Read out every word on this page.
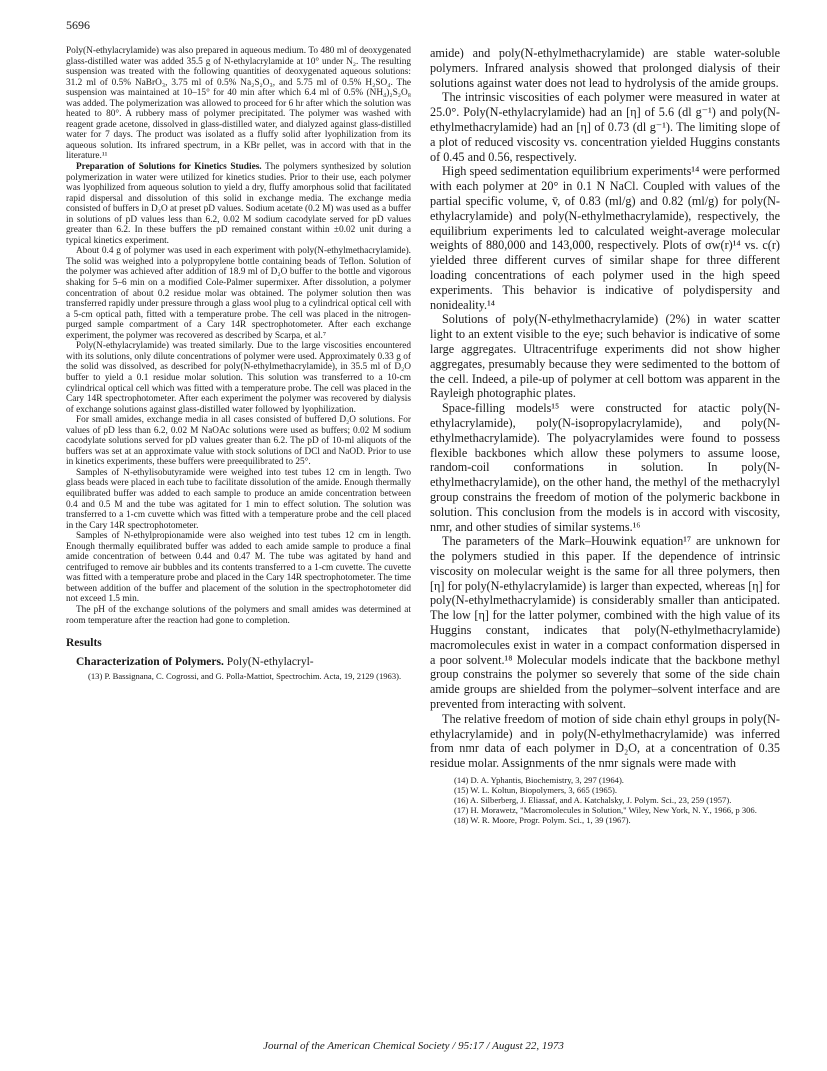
5696

Poly(N-ethylacrylamide) was also prepared in aqueous medium. To 480 ml of deoxygenated glass-distilled water was added 35.5 g of N-ethylacrylamide at 10° under N₂. The resulting suspension was treated with the following quantities of deoxygenated aqueous solutions: 31.2 ml of 0.5% NaBrO₃, 3.75 ml of 0.5% Na₂S₂O₃, and 5.75 ml of 0.5% H₂SO₄. The suspension was maintained at 10–15° for 40 min after which 6.4 ml of 0.5% (NH₄)₂S₂O₈ was added. The polymerization was allowed to proceed for 6 hr after which the solution was heated to 80°. A rubbery mass of polymer precipitated. The polymer was washed with reagent grade acetone, dissolved in glass-distilled water, and dialyzed against glass-distilled water for 7 days. The product was isolated as a fluffy solid after lyophilization from its aqueous solution. Its infrared spectrum, in a KBr pellet, was in accord with that in the literature.¹¹

Preparation of Solutions for Kinetics Studies. The polymers synthesized by solution polymerization in water were utilized for kinetics studies. Prior to their use, each polymer was lyophilized from aqueous solution to yield a dry, fluffy amorphous solid that facilitated rapid dispersal and dissolution of this solid in exchange media. The exchange media consisted of buffers in D₂O at preset pD values. Sodium acetate (0.2 M) was used as a buffer in solutions of pD values less than 6.2, 0.02 M sodium cacodylate served for pD values greater than 6.2. In these buffers the pD remained constant within ±0.02 unit during a typical kinetics experiment.

About 0.4 g of polymer was used in each experiment with poly(N-ethylmethacrylamide). The solid was weighed into a polypropylene bottle containing beads of Teflon. Solution of the polymer was achieved after addition of 18.9 ml of D₂O buffer to the bottle and vigorous shaking for 5–6 min on a modified Cole-Palmer supermixer. After dissolution, a polymer concentration of about 0.2 residue molar was obtained. The polymer solution then was transferred rapidly under pressure through a glass wool plug to a cylindrical optical cell with a 5-cm optical path, fitted with a temperature probe. The cell was placed in the nitrogen-purged sample compartment of a Cary 14R spectrophotometer. After each exchange experiment, the polymer was recovered as described by Scarpa, et al.⁷

Poly(N-ethylacrylamide) was treated similarly. Due to the large viscosities encountered with its solutions, only dilute concentrations of polymer were used. Approximately 0.33 g of the solid was dissolved, as described for poly(N-ethylmethacrylamide), in 35.5 ml of D₂O buffer to yield a 0.1 residue molar solution. This solution was transferred to a 10-cm cylindrical optical cell which was fitted with a temperature probe. The cell was placed in the Cary 14R spectrophotometer. After each experiment the polymer was recovered by dialysis of exchange solutions against glass-distilled water followed by lyophilization.

For small amides, exchange media in all cases consisted of buffered D₂O solutions. For values of pD less than 6.2, 0.02 M NaOAc solutions were used as buffers; 0.02 M sodium cacodylate solutions served for pD values greater than 6.2. The pD of 10-ml aliquots of the buffers was set at an approximate value with stock solutions of DCl and NaOD. Prior to use in kinetics experiments, these buffers were preequilibrated to 25°.

Samples of N-ethylisobutyramide were weighed into test tubes 12 cm in length. Two glass beads were placed in each tube to facilitate dissolution of the amide. Enough thermally equilibrated buffer was added to each sample to produce an amide concentration between 0.4 and 0.5 M and the tube was agitated for 1 min to effect solution. The solution was transferred to a 1-cm cuvette which was fitted with a temperature probe and the cell placed in the Cary 14R spectrophotometer.

Samples of N-ethylpropionamide were also weighed into test tubes 12 cm in length. Enough thermally equilibrated buffer was added to each amide sample to produce a final amide concentration of between 0.44 and 0.47 M. The tube was agitated by hand and centrifuged to remove air bubbles and its contents transferred to a 1-cm cuvette. The cuvette was fitted with a temperature probe and placed in the Cary 14R spectrophotometer. The time between addition of the buffer and placement of the solution in the spectrophotometer did not exceed 1.5 min.

The pH of the exchange solutions of the polymers and small amides was determined at room temperature after the reaction had gone to completion.

Results

Characterization of Polymers. Poly(N-ethylacryl-

(13) P. Bassignana, C. Cogrossi, and G. Polla-Mattiot, Spectrochim. Acta, 19, 2129 (1963).

amide) and poly(N-ethylmethacrylamide) are stable water-soluble polymers. Infrared analysis showed that prolonged dialysis of their solutions against water does not lead to hydrolysis of the amide groups.

The intrinsic viscosities of each polymer were measured in water at 25.0°. Poly(N-ethylacrylamide) had an [η] of 5.6 (dl g⁻¹) and poly(N-ethylmethacrylamide) had an [η] of 0.73 (dl g⁻¹). The limiting slope of a plot of reduced viscosity vs. concentration yielded Huggins constants of 0.45 and 0.56, respectively.

High speed sedimentation equilibrium experiments¹⁴ were performed with each polymer at 20° in 0.1 N NaCl. Coupled with values of the partial specific volume, v̄, of 0.83 (ml/g) and 0.82 (ml/g) for poly(N-ethylacrylamide) and poly(N-ethylmethacrylamide), respectively, the equilibrium experiments led to calculated weight-average molecular weights of 880,000 and 143,000, respectively. Plots of σw(r)¹⁴ vs. c(r) yielded three different curves of similar shape for three different loading concentrations of each polymer used in the high speed experiments. This behavior is indicative of polydispersity and nonideality.¹⁴

Solutions of poly(N-ethylmethacrylamide) (2%) in water scatter light to an extent visible to the eye; such behavior is indicative of some large aggregates. Ultracentrifuge experiments did not show higher aggregates, presumably because they were sedimented to the bottom of the cell. Indeed, a pile-up of polymer at cell bottom was apparent in the Rayleigh photographic plates.

Space-filling models¹⁵ were constructed for atactic poly(N-ethylacrylamide), poly(N-isopropylacrylamide), and poly(N-ethylmethacrylamide). The polyacrylamides were found to possess flexible backbones which allow these polymers to assume loose, random-coil conformations in solution. In poly(N-ethylmethacrylamide), on the other hand, the methyl of the methacrylyl group constrains the freedom of motion of the polymeric backbone in solution. This conclusion from the models is in accord with viscosity, nmr, and other studies of similar systems.¹⁶

The parameters of the Mark–Houwink equation¹⁷ are unknown for the polymers studied in this paper. If the dependence of intrinsic viscosity on molecular weight is the same for all three polymers, then [η] for poly(N-ethylacrylamide) is larger than expected, whereas [η] for poly(N-ethylmethacrylamide) is considerably smaller than anticipated. The low [η] for the latter polymer, combined with the high value of its Huggins constant, indicates that poly(N-ethylmethacrylamide) macromolecules exist in water in a compact conformation dispersed in a poor solvent.¹⁸ Molecular models indicate that the backbone methyl group constrains the polymer so severely that some of the side chain amide groups are shielded from the polymer–solvent interface and are prevented from interacting with solvent.

The relative freedom of motion of side chain ethyl groups in poly(N-ethylacrylamide) and in poly(N-ethylmethacrylamide) was inferred from nmr data of each polymer in D₂O, at a concentration of 0.35 residue molar. Assignments of the nmr signals were made with

(14) D. A. Yphantis, Biochemistry, 3, 297 (1964).

(15) W. L. Koltun, Biopolymers, 3, 665 (1965).

(16) A. Silberberg, J. Eliassaf, and A. Katchalsky, J. Polym. Sci., 23, 259 (1957).

(17) H. Morawetz, "Macromolecules in Solution," Wiley, New York, N. Y., 1966, p 306.

(18) W. R. Moore, Progr. Polym. Sci., 1, 39 (1967).

Journal of the American Chemical Society / 95:17 / August 22, 1973
